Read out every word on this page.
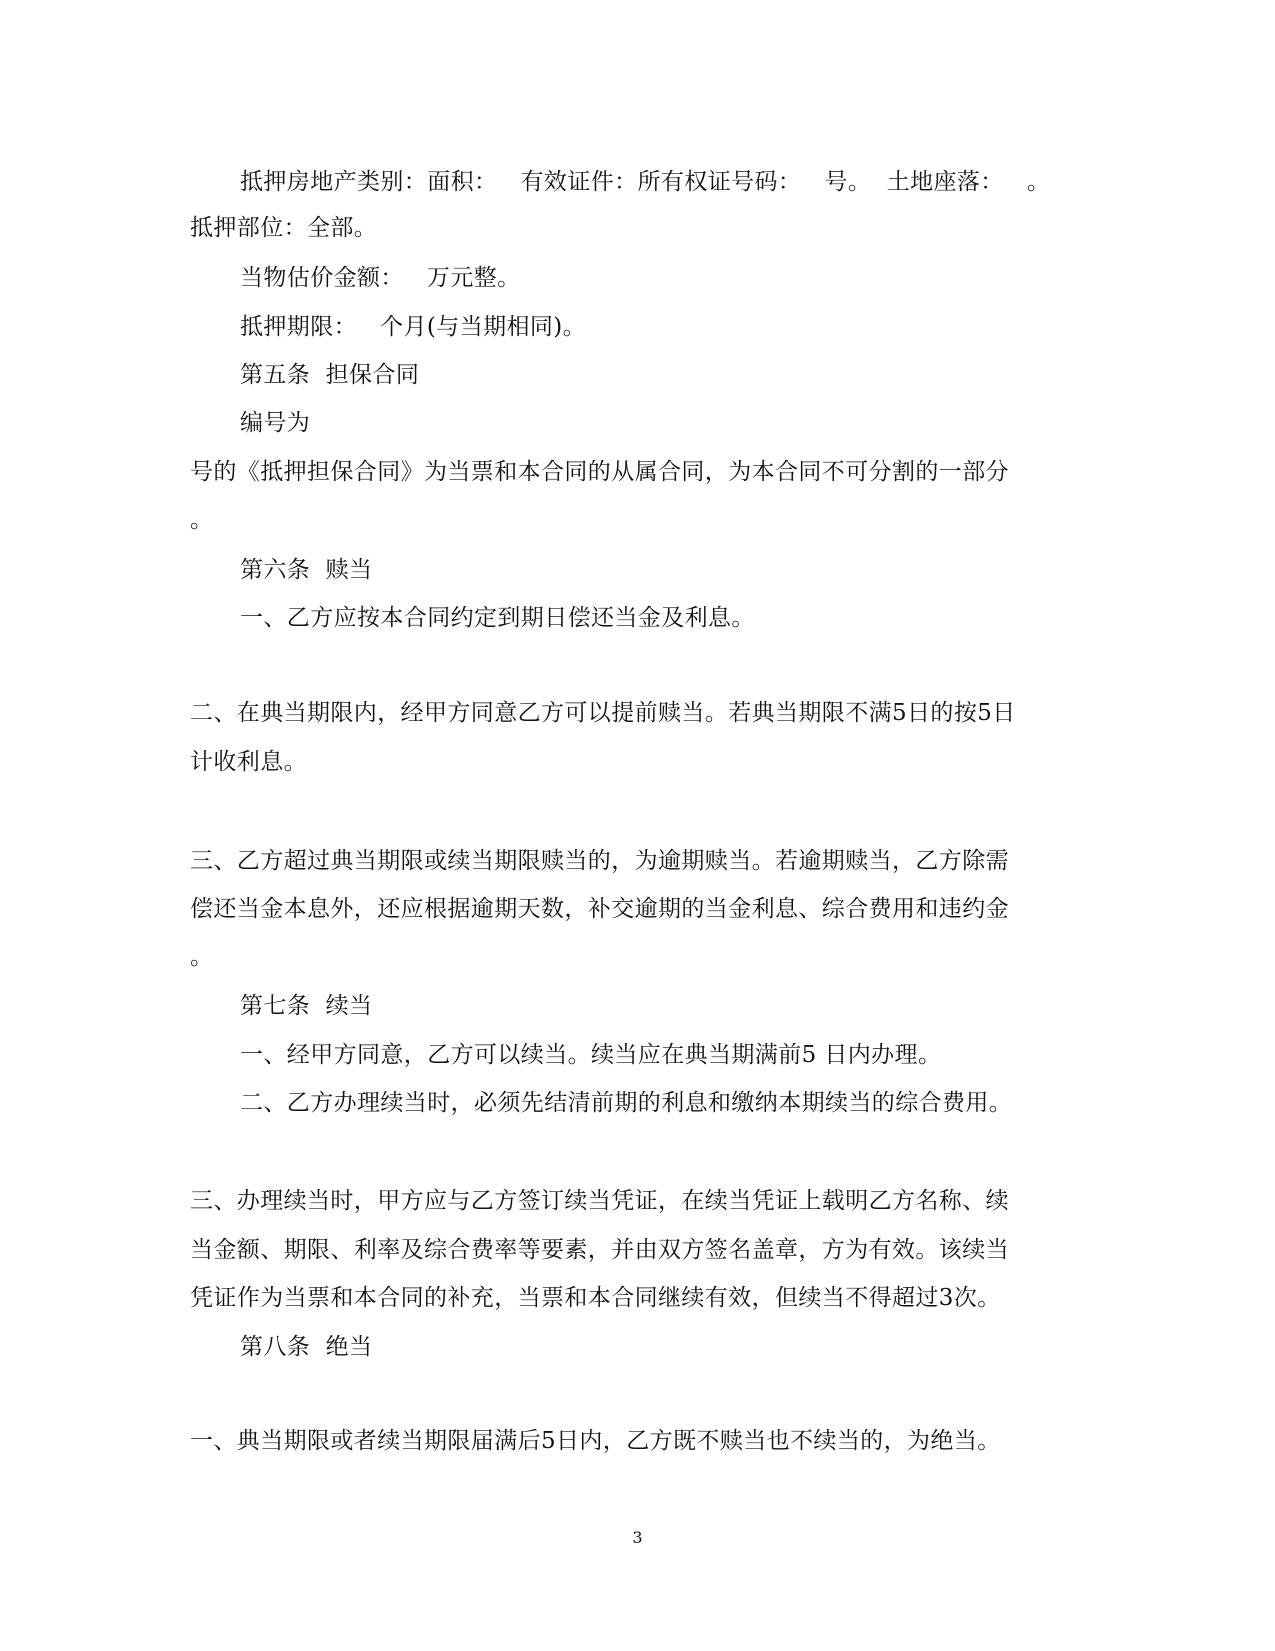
抵押房地产类别：面积：   有效证件：所有权证号码：   号。  土地座落：   。
抵押部位：全部。
当物估价金额：   万元整。
抵押期限：   个月(与当期相同)。
第五条  担保合同
编号为
号的《抵押担保合同》为当票和本合同的从属合同，为本合同不可分割的一部分
。
第六条  赎当
一、乙方应按本合同约定到期日偿还当金及利息。
二、在典当期限内，经甲方同意乙方可以提前赎当。若典当期限不满5日的按5日
计收利息。
三、乙方超过典当期限或续当期限赎当的，为逾期赎当。若逾期赎当，乙方除需
偿还当金本息外，还应根据逾期天数，补交逾期的当金利息、综合费用和违约金
。
第七条  续当
一、经甲方同意，乙方可以续当。续当应在典当期满前5 日内办理。
二、乙方办理续当时，必须先结清前期的利息和缴纳本期续当的综合费用。
三、办理续当时，甲方应与乙方签订续当凭证，在续当凭证上载明乙方名称、续
当金额、期限、利率及综合费率等要素，并由双方签名盖章，方为有效。该续当
凭证作为当票和本合同的补充，当票和本合同继续有效，但续当不得超过3次。
第八条  绝当
一、典当期限或者续当期限届满后5日内，乙方既不赎当也不续当的，为绝当。
3
